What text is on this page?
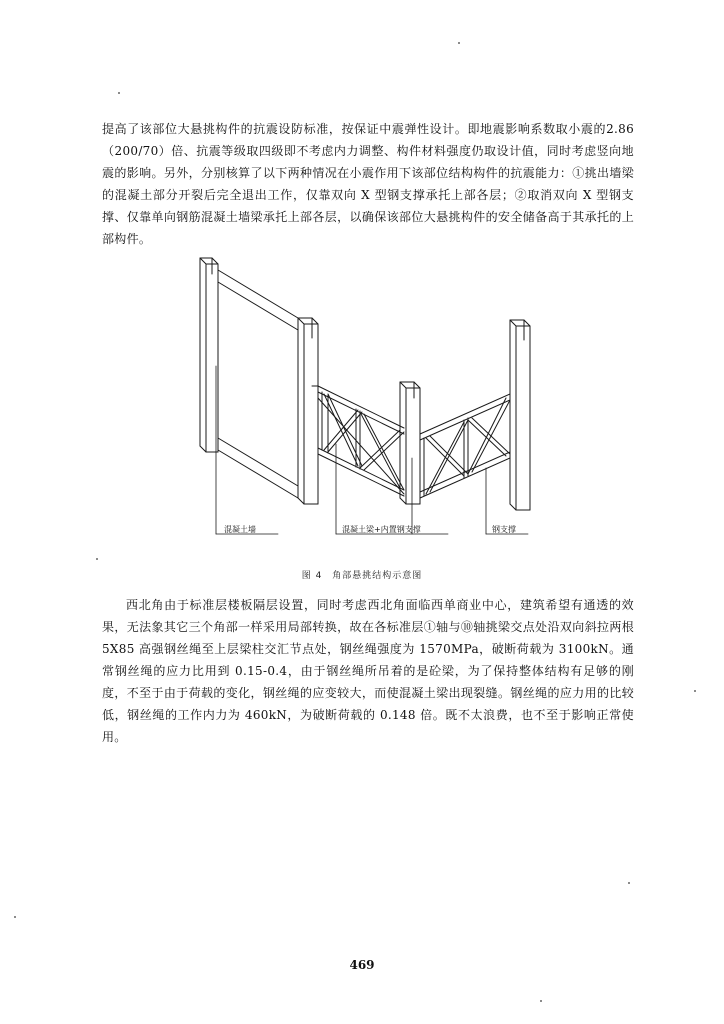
提高了该部位大悬挑构件的抗震设防标准，按保证中震弹性设计。即地震影响系数取小震的2.86（200/70）倍、抗震等级取四级即不考虑内力调整、构件材料强度仍取设计值，同时考虑竖向地震的影响。另外，分别核算了以下两种情况在小震作用下该部位结构构件的抗震能力：①挑出墙梁的混凝土部分开裂后完全退出工作，仅靠双向 X 型钢支撑承托上部各层；②取消双向 X 型钢支撑、仅靠单向钢筋混凝土墙梁承托上部各层，以确保该部位大悬挑构件的安全储备高于其承托的上部构件。

混凝土墙	混凝土梁+内置钢支撑	钢支撑
图 4　角部悬挑结构示意图

西北角由于标准层楼板隔层设置，同时考虑西北角面临西单商业中心，建筑希望有通透的效果，无法象其它三个角部一样采用局部转换，故在各标准层①轴与⑩轴挑梁交点处沿双向斜拉两根 5X85 高强钢丝绳至上层梁柱交汇节点处，钢丝绳强度为 1570MPa，破断荷载为 3100kN。通常钢丝绳的应力比用到 0.15-0.4，由于钢丝绳所吊着的是砼梁，为了保持整体结构有足够的刚度，不至于由于荷载的变化，钢丝绳的应变较大，而使混凝土梁出现裂缝。钢丝绳的应力用的比较低，钢丝绳的工作内力为 460kN，为破断荷载的 0.148 倍。既不太浪费，也不至于影响正常使用。

469
